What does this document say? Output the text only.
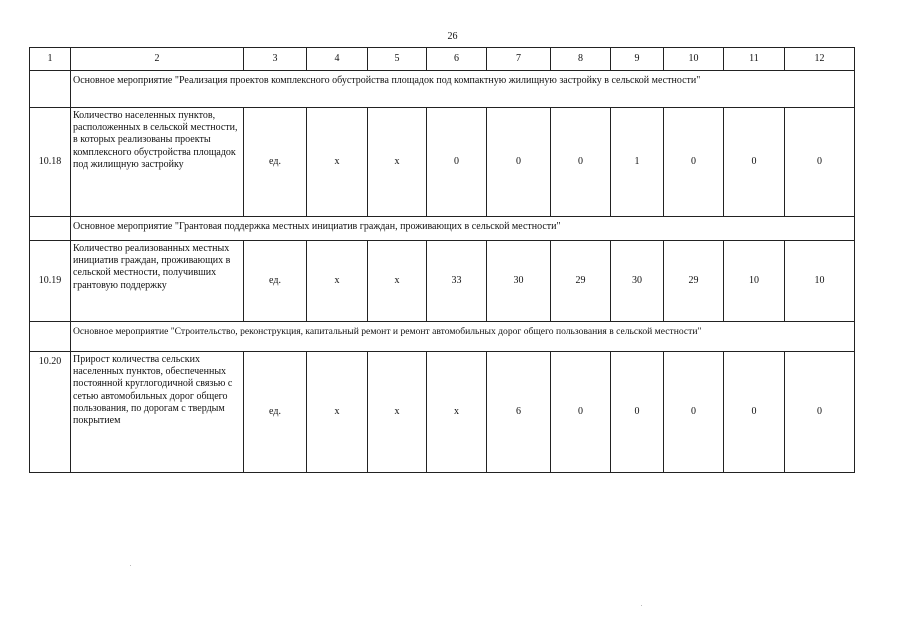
26
1	2	3	4	5	6	7	8	9	10	11	12
	Основное мероприятие "Реализация проектов комплексного обустройства площадок под компактную жилищную застройку в сельской местности"										
10.18	Количество населенных пунктов, расположенных в сельской местности, в которых реализованы проекты комплексного обустройства площадок под жилищную застройку	ед.	х	х	0	0	0	1	0	0	0
	Основное мероприятие "Грантовая поддержка местных инициатив граждан, проживающих в сельской местности"										
10.19	Количество реализованных местных инициатив граждан, проживающих в сельской местности, получивших грантовую поддержку	ед.	х	х	33	30	29	30	29	10	10
	Основное мероприятие "Строительство, реконструкция, капитальный ремонт и ремонт автомобильных дорог общего пользования в сельской местности"										
10.20	Прирост количества сельских населенных пунктов, обеспеченных постоянной круглогодичной связью с сетью автомобильных дорог общего пользования, по дорогам с твердым покрытием	ед.	х	х	х	6	0	0	0	0	0
